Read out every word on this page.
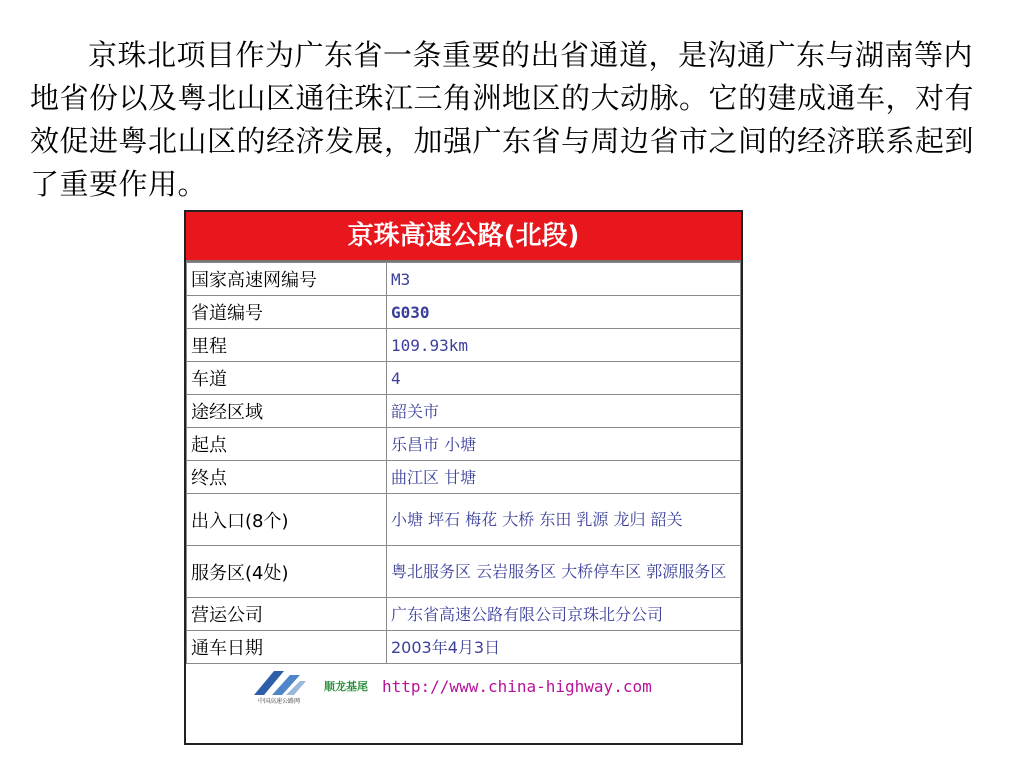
京珠北项目作为广东省一条重要的出省通道，是沟通广东与湖南等内地省份以及粤北山区通往珠江三角洲地区的大动脉。它的建成通车，对有效促进粤北山区的经济发展，加强广东省与周边省市之间的经济联系起到了重要作用。

京珠高速公路(北段)
国家高速网编号	M3
省道编号	G030
里程	109.93km
车道	4
途经区域	韶关市
起点	乐昌市 小塘
终点	曲江区 甘塘
出入口(8个)	小塘 坪石 梅花 大桥 东田 乳源 龙归 韶关
服务区(4处)	粤北服务区 云岩服务区 大桥停车区 郭源服务区
营运公司	广东省高速公路有限公司京珠北分公司
通车日期	2003年4月3日
中国高速公路网
顺龙基尾 http://www.china-highway.com
